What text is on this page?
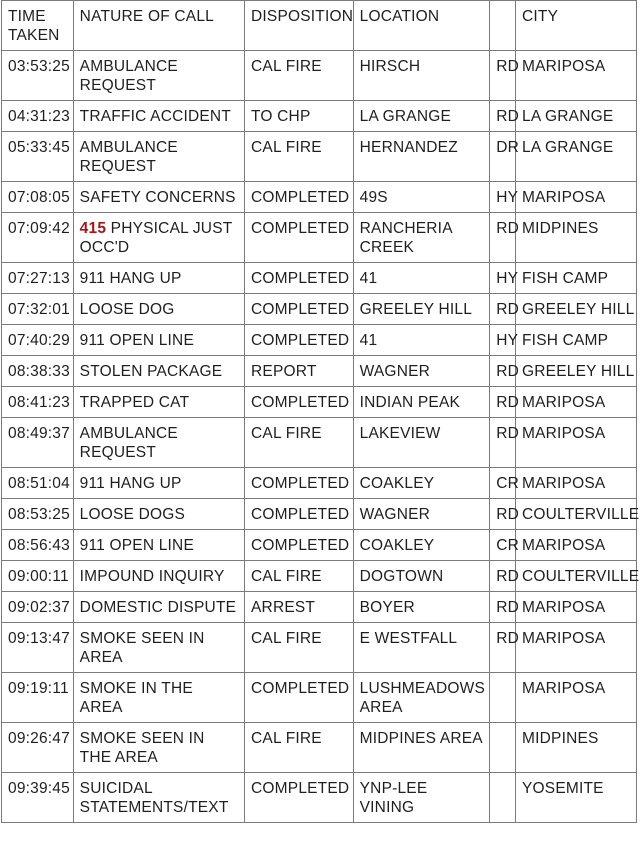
TIME
TAKEN	NATURE OF CALL	DISPOSITION	LOCATION		CITY
03:53:25	AMBULANCE REQUEST	CAL FIRE	HIRSCH	RD	MARIPOSA
04:31:23	TRAFFIC ACCIDENT	TO CHP	LA GRANGE	RD	LA GRANGE
05:33:45	AMBULANCE REQUEST	CAL FIRE	HERNANDEZ	DR	LA GRANGE
07:08:05	SAFETY CONCERNS	COMPLETED	49S	HY	MARIPOSA
07:09:42	415 PHYSICAL JUST OCC'D	COMPLETED	RANCHERIA CREEK	RD	MIDPINES
07:27:13	911 HANG UP	COMPLETED	41	HY	FISH CAMP
07:32:01	LOOSE DOG	COMPLETED	GREELEY HILL	RD	GREELEY HILL
07:40:29	911 OPEN LINE	COMPLETED	41	HY	FISH CAMP
08:38:33	STOLEN PACKAGE	REPORT	WAGNER	RD	GREELEY HILL
08:41:23	TRAPPED CAT	COMPLETED	INDIAN PEAK	RD	MARIPOSA
08:49:37	AMBULANCE REQUEST	CAL FIRE	LAKEVIEW	RD	MARIPOSA
08:51:04	911 HANG UP	COMPLETED	COAKLEY	CR	MARIPOSA
08:53:25	LOOSE DOGS	COMPLETED	WAGNER	RD	COULTERVILLE
08:56:43	911 OPEN LINE	COMPLETED	COAKLEY	CR	MARIPOSA
09:00:11	IMPOUND INQUIRY	CAL FIRE	DOGTOWN	RD	COULTERVILLE
09:02:37	DOMESTIC DISPUTE	ARREST	BOYER	RD	MARIPOSA
09:13:47	SMOKE SEEN IN AREA	CAL FIRE	E WESTFALL	RD	MARIPOSA
09:19:11	SMOKE IN THE AREA	COMPLETED	LUSHMEADOWS AREA		MARIPOSA
09:26:47	SMOKE SEEN IN THE AREA	CAL FIRE	MIDPINES AREA		MIDPINES
09:39:45	SUICIDAL STATEMENTS/TEXT	COMPLETED	YNP-LEE VINING		YOSEMITE
